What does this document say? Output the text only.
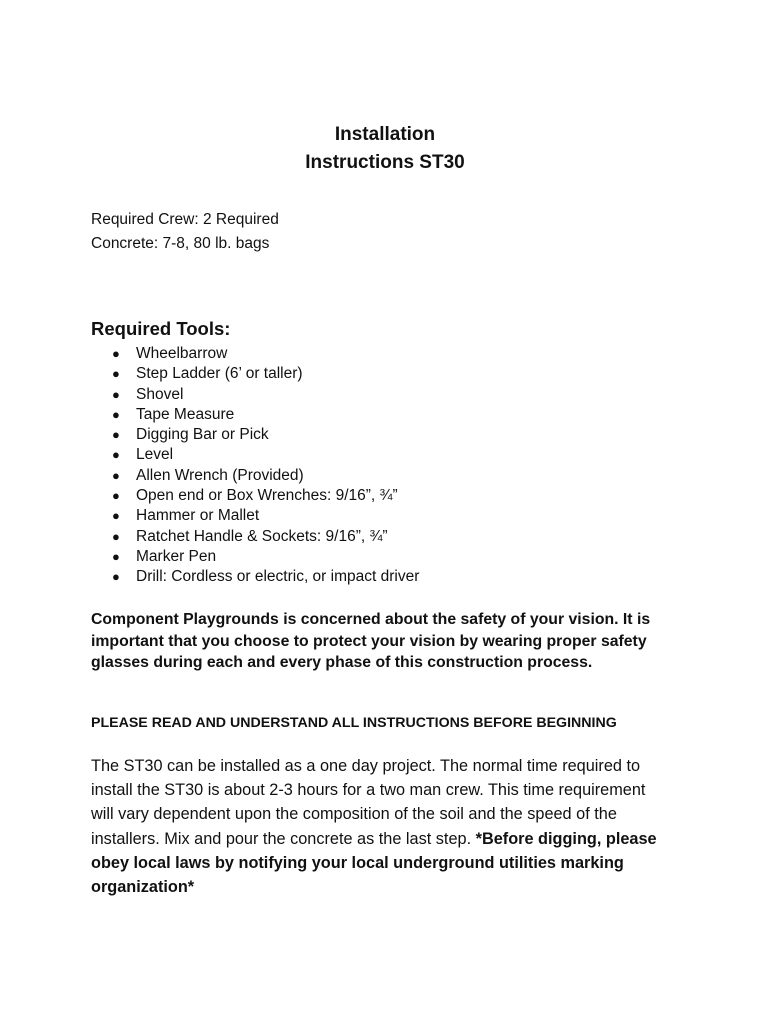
Installation
Instructions ST30
Required Crew: 2 Required
Concrete: 7-8, 80 lb. bags
Required Tools:
● Wheelbarrow
● Step Ladder (6’ or taller)
● Shovel
● Tape Measure
● Digging Bar or Pick
● Level
● Allen Wrench (Provided)
● Open end or Box Wrenches: 9/16”, ¾”
● Hammer or Mallet
● Ratchet Handle & Sockets: 9/16”, ¾”
● Marker Pen
● Drill: Cordless or electric, or impact driver
Component Playgrounds is concerned about the safety of your vision. It is important that you choose to protect your vision by wearing proper safety glasses during each and every phase of this construction process.
PLEASE READ AND UNDERSTAND ALL INSTRUCTIONS BEFORE BEGINNING
The ST30 can be installed as a one day project. The normal time required to install the ST30 is about 2-3 hours for a two man crew. This time requirement will vary dependent upon the composition of the soil and the speed of the installers. Mix and pour the concrete as the last step. *Before digging, please obey local laws by notifying your local underground utilities marking organization*
